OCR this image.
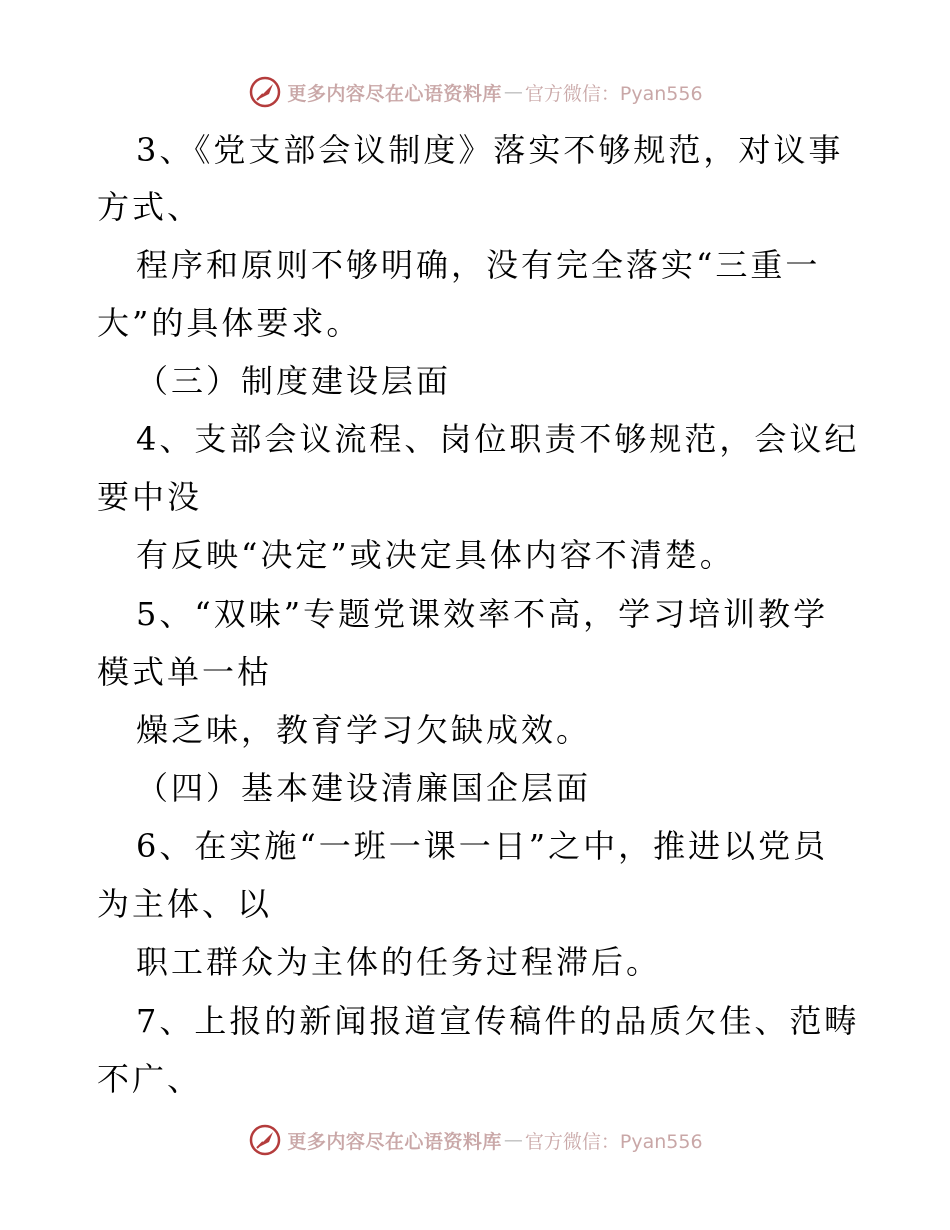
更多内容尽在心语资料库 — 官方微信：Pyan556
3、《党支部会议制度》落实不够规范，对议事
方式、
程序和原则不够明确，没有完全落实“三重一
大”的具体要求。
（三）制度建设层面
4、支部会议流程、岗位职责不够规范，会议纪
要中没
有反映“决定”或决定具体内容不清楚。
5、“双味”专题党课效率不高，学习培训教学
模式单一枯
燥乏味，教育学习欠缺成效。
（四）基本建设清廉国企层面
6、在实施“一班一课一日”之中，推进以党员
为主体、以
职工群众为主体的任务过程滞后。
7、上报的新闻报道宣传稿件的品质欠佳、范畴
不广、
更多内容尽在心语资料库 — 官方微信：Pyan556
